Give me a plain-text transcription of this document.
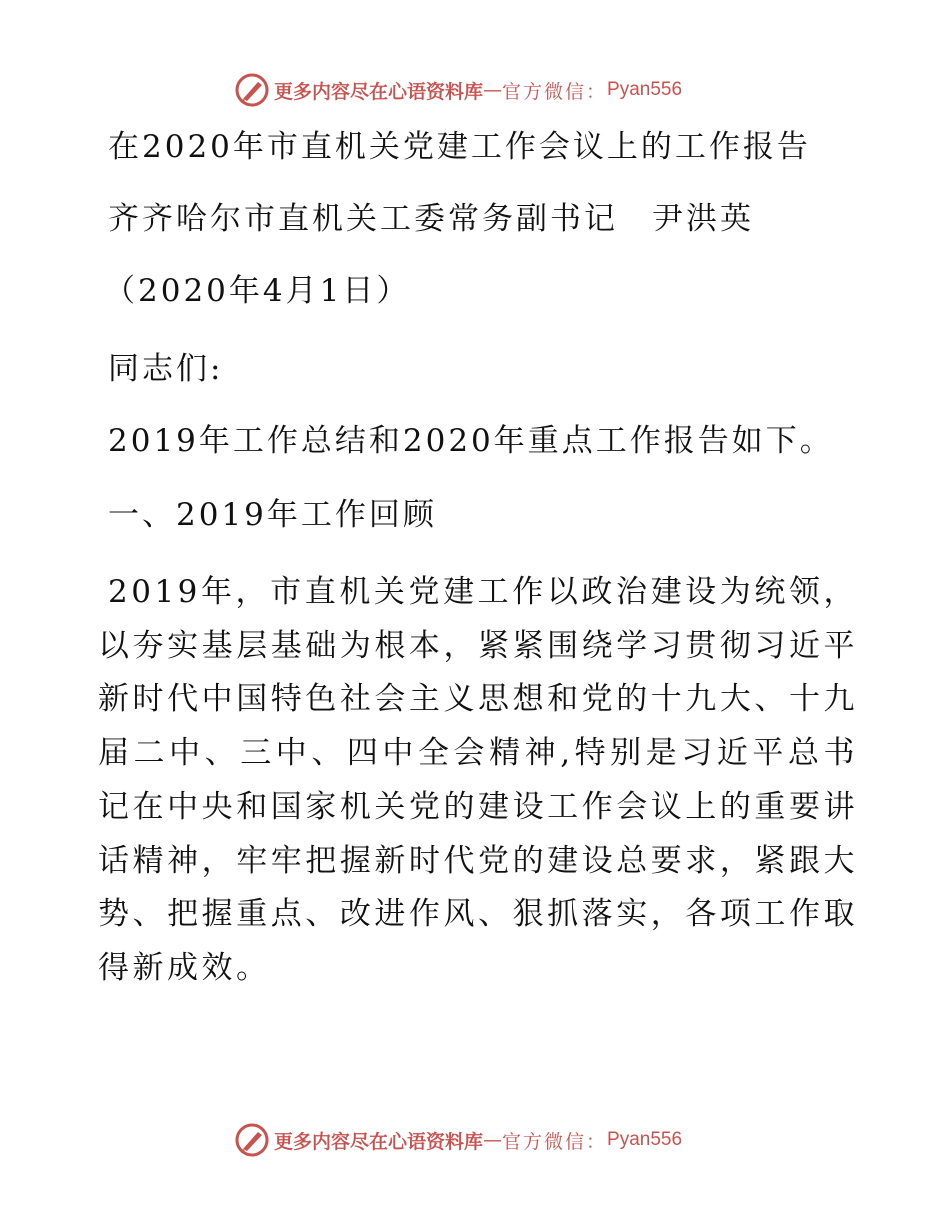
更多内容尽在心语资料库 — 官方微信： Pyan556
在2020年市直机关党建工作会议上的工作报告
齐齐哈尔市直机关工委常务副书记　尹洪英
（2020年4月1日）
同志们:
2019年工作总结和2020年重点工作报告如下。
一、2019年工作回顾
2019年，市直机关党建工作以政治建设为统领，以夯实基层基础为根本，紧紧围绕学习贯彻习近平新时代中国特色社会主义思想和党的十九大、十九届二中、三中、四中全会精神,特别是习近平总书记在中央和国家机关党的建设工作会议上的重要讲话精神，牢牢把握新时代党的建设总要求，紧跟大势、把握重点、改进作风、狠抓落实，各项工作取得新成效。
更多内容尽在心语资料库 — 官方微信： Pyan556
